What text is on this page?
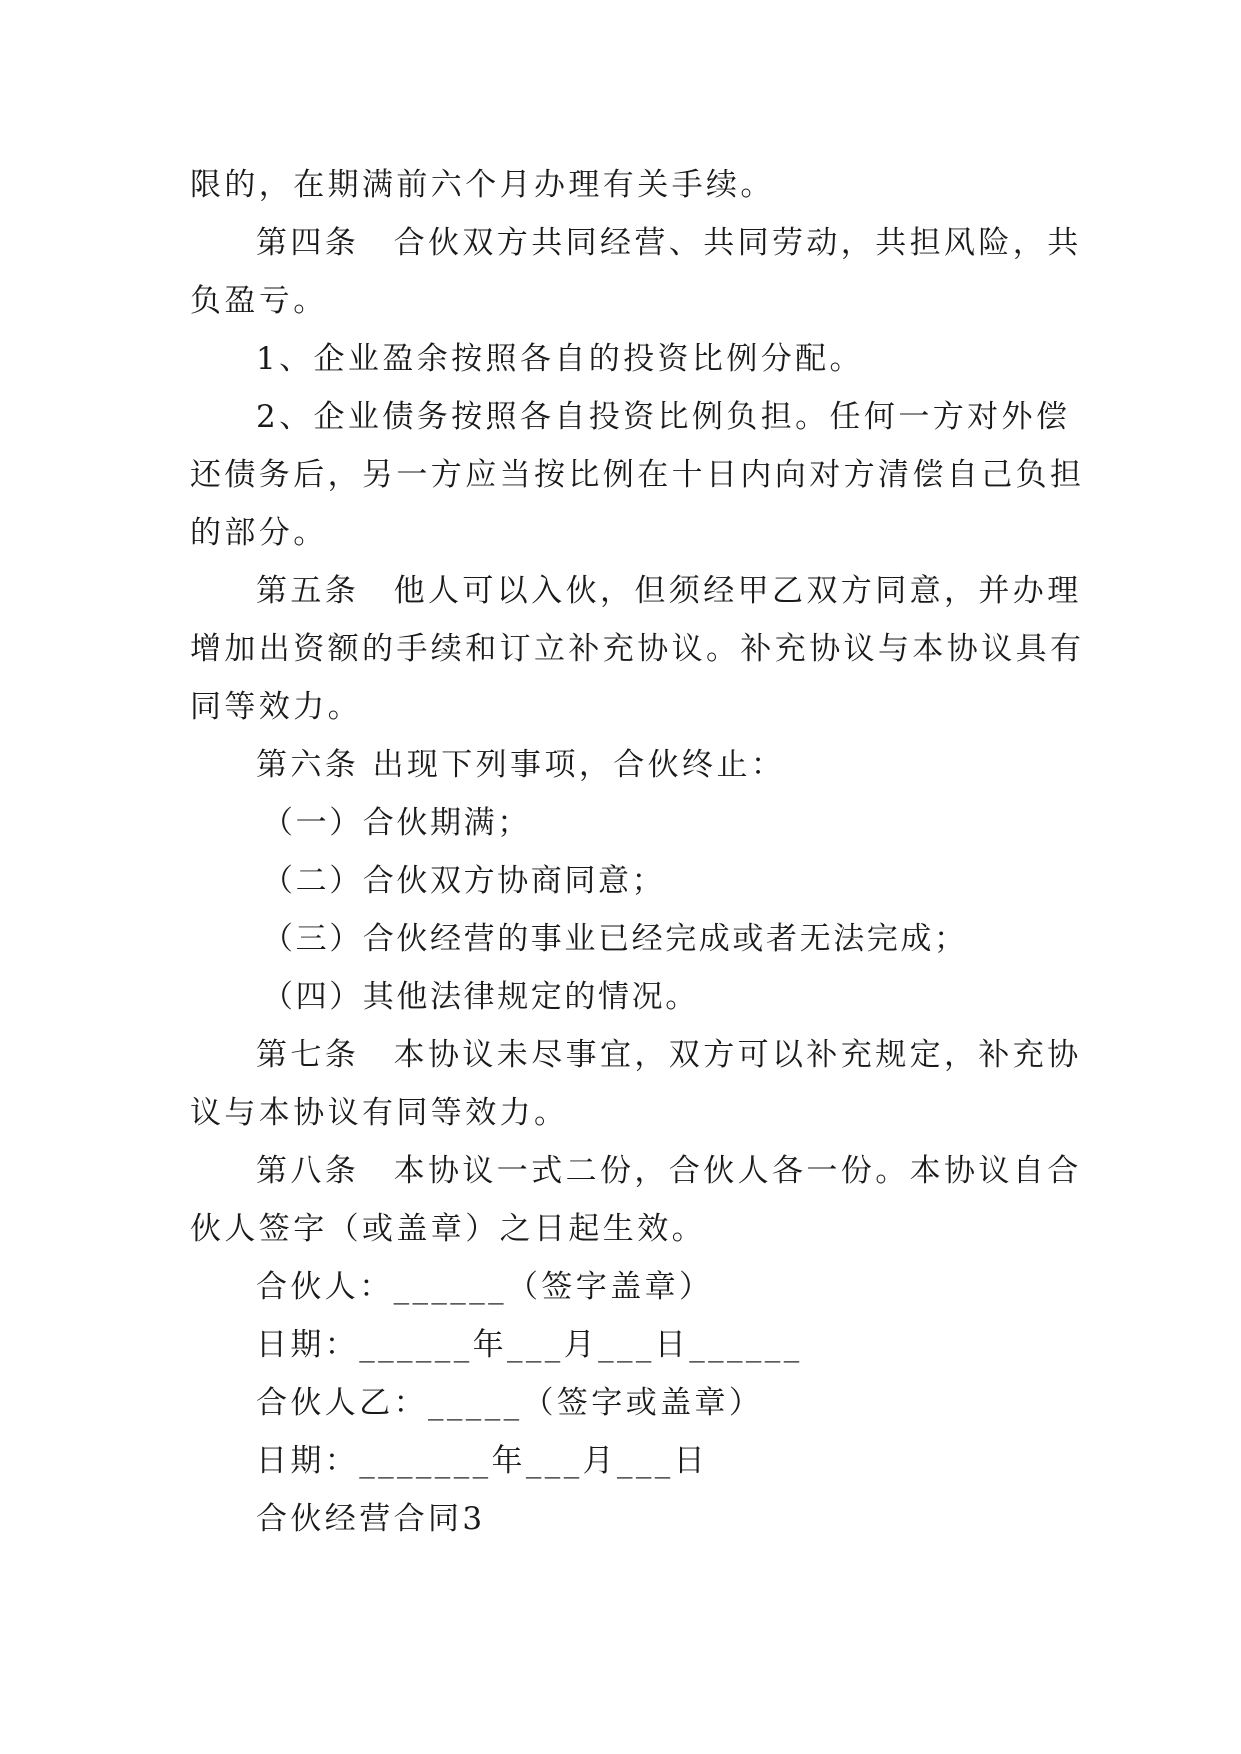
限的，在期满前六个月办理有关手续。
第四条　合伙双方共同经营、共同劳动，共担风险，共
负盈亏。
1、企业盈余按照各自的投资比例分配。
2、企业债务按照各自投资比例负担。任何一方对外偿
还债务后，另一方应当按比例在十日内向对方清偿自己负担
的部分。
第五条　他人可以入伙，但须经甲乙双方同意，并办理
增加出资额的手续和订立补充协议。补充协议与本协议具有
同等效力。
第六条 出现下列事项，合伙终止：
（一）合伙期满；
（二）合伙双方协商同意；
（三）合伙经营的事业已经完成或者无法完成；
（四）其他法律规定的情况。
第七条　本协议未尽事宜，双方可以补充规定，补充协
议与本协议有同等效力。
第八条　本协议一式二份，合伙人各一份。本协议自合
伙人签字（或盖章）之日起生效。
合伙人：______（签字盖章）
日期：______年___月___日______
合伙人乙：_____（签字或盖章）
日期：_______年___月___日
合伙经营合同3
